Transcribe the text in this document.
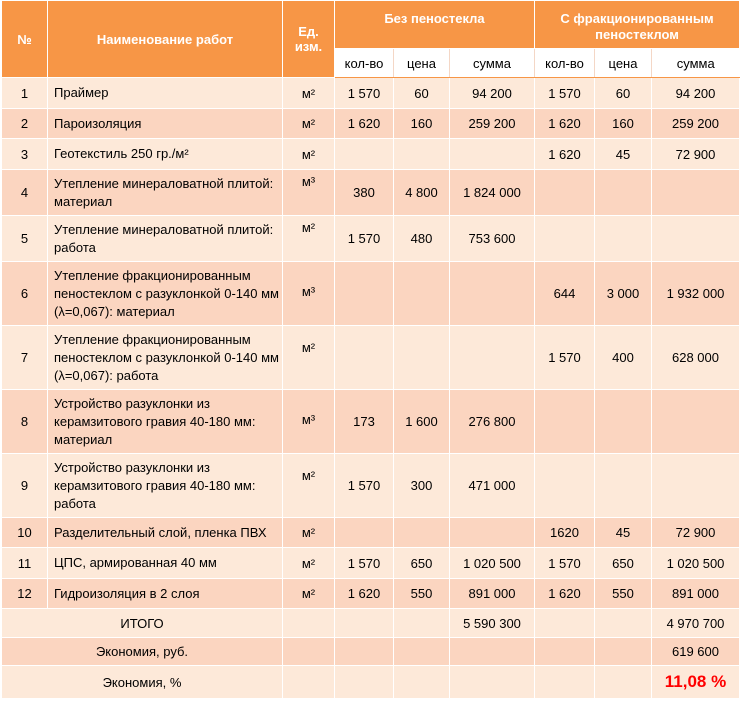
№	Наименование работ	Ед. изм.	Без пеностекла			С фракционированным пеностеклом		
			кол-во	цена	сумма	кол-во	цена	сумма
1	Праймер	м²	1 570	60	94 200	1 570	60	94 200
2	Пароизоляция	м²	1 620	160	259 200	1 620	160	259 200
3	Геотекстиль 250 гр./м²	м²				1 620	45	72 900
4	Утепление минераловатной плитой: материал	м³	380	4 800	1 824 000			
5	Утепление минераловатной плитой: работа	м²	1 570	480	753 600			
6	Утепление фракционированным пеностеклом с разуклонкой 0-140 мм (λ=0,067): материал	м³				644	3 000	1 932 000
7	Утепление фракционированным пеностеклом с разуклонкой 0-140 мм (λ=0,067): работа	м²				1 570	400	628 000
8	Устройство разуклонки из керамзитового гравия 40-180 мм: материал	м³	173	1 600	276 800			
9	Устройство разуклонки из керамзитового гравия 40-180 мм: работа	м²	1 570	300	471 000			
10	Разделительный слой, пленка ПВХ	м²				1620	45	72 900
11	ЦПС, армированная 40 мм	м²	1 570	650	1 020 500	1 570	650	1 020 500
12	Гидроизоляция в 2 слоя	м²	1 620	550	891 000	1 620	550	891 000
ИТОГО					5 590 300			4 970 700
Экономия, руб.								619 600
Экономия, %								11,08 %
